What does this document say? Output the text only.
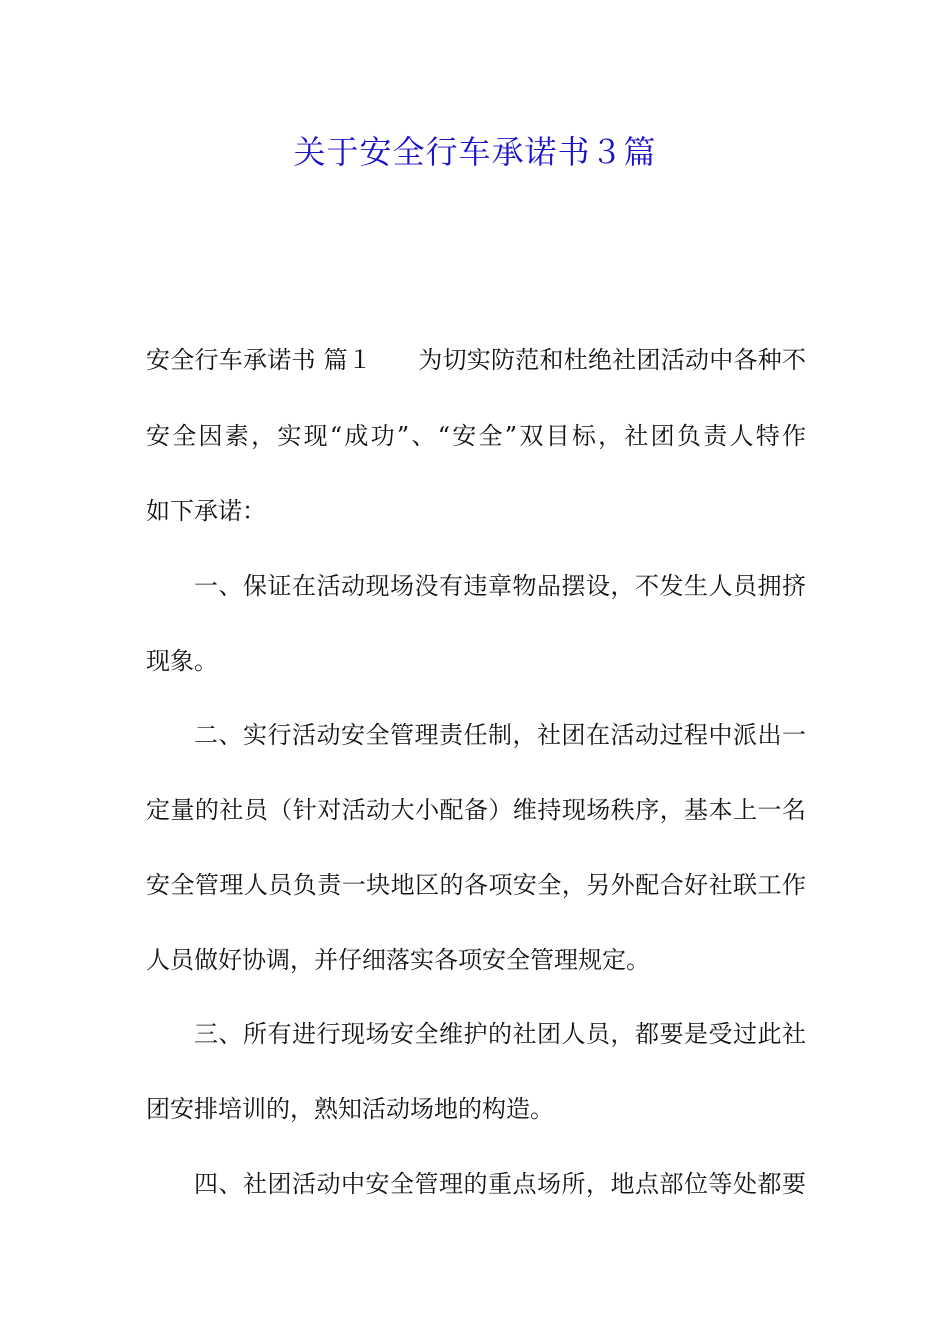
关于安全行车承诺书３篇
安全行车承诺书 篇１ 为切实防范和杜绝社团活动中各种不
安全因素，实现“成功”、“安全”双目标，社团负责人特作
如下承诺：
一、保证在活动现场没有违章物品摆设，不发生人员拥挤
现象。
二、实行活动安全管理责任制，社团在活动过程中派出一
定量的社员（针对活动大小配备）维持现场秩序，基本上一名
安全管理人员负责一块地区的各项安全，另外配合好社联工作
人员做好协调，并仔细落实各项安全管理规定。
三、所有进行现场安全维护的社团人员，都要是受过此社
团安排培训的，熟知活动场地的构造。
四、社团活动中安全管理的重点场所，地点部位等处都要
